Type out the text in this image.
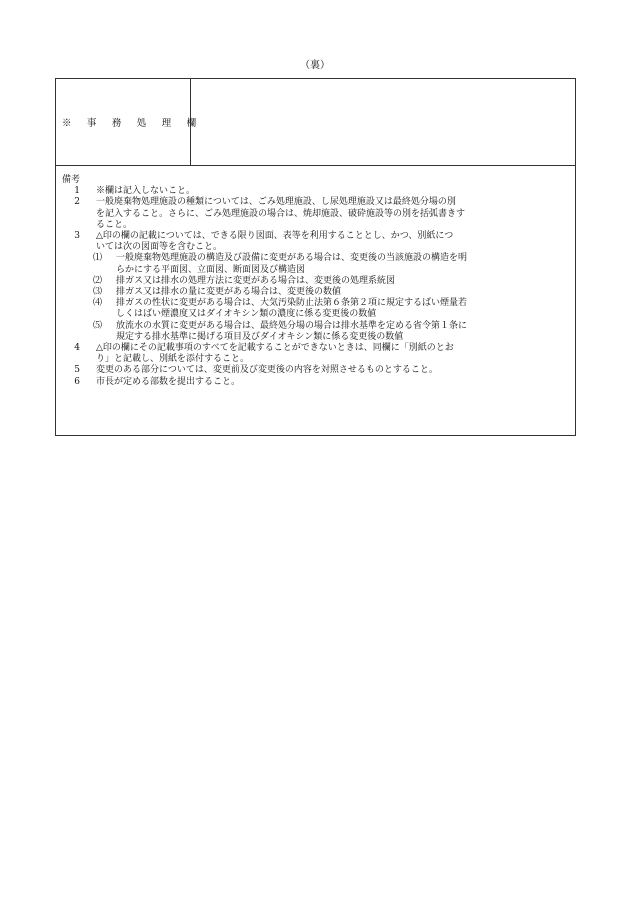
（裏）
※ 事 務 処 理 欄
備考
1 ※欄は記入しないこと。
2 一般廃棄物処理施設の種類については、ごみ処理施設、し尿処理施設又は最終処分場の別
を記入すること。さらに、ごみ処理施設の場合は、焼却施設、破砕施設等の別を括弧書きす
ること。
3 △印の欄の記載については、できる限り図面、表等を利用することとし、かつ、別紙につ
いては次の図面等を含むこと。
⑴ 一般廃棄物処理施設の構造及び設備に変更がある場合は、変更後の当該施設の構造を明
らかにする平面図、立面図、断面図及び構造図
⑵ 排ガス又は排水の処理方法に変更がある場合は、変更後の処理系統図
⑶ 排ガス又は排水の量に変更がある場合は、変更後の数値
⑷ 排ガスの性状に変更がある場合は、大気汚染防止法第６条第２項に規定するばい煙量若
しくはばい煙濃度又はダイオキシン類の濃度に係る変更後の数値
⑸ 放流水の水質に変更がある場合は、最終処分場の場合は排水基準を定める省令第１条に
規定する排水基準に掲げる項目及びダイオキシン類に係る変更後の数値
4 △印の欄にその記載事項のすべてを記載することができないときは、同欄に「別紙のとお
り」と記載し、別紙を添付すること。
5 変更のある部分については、変更前及び変更後の内容を対照させるものとすること。
6 市長が定める部数を提出すること。
